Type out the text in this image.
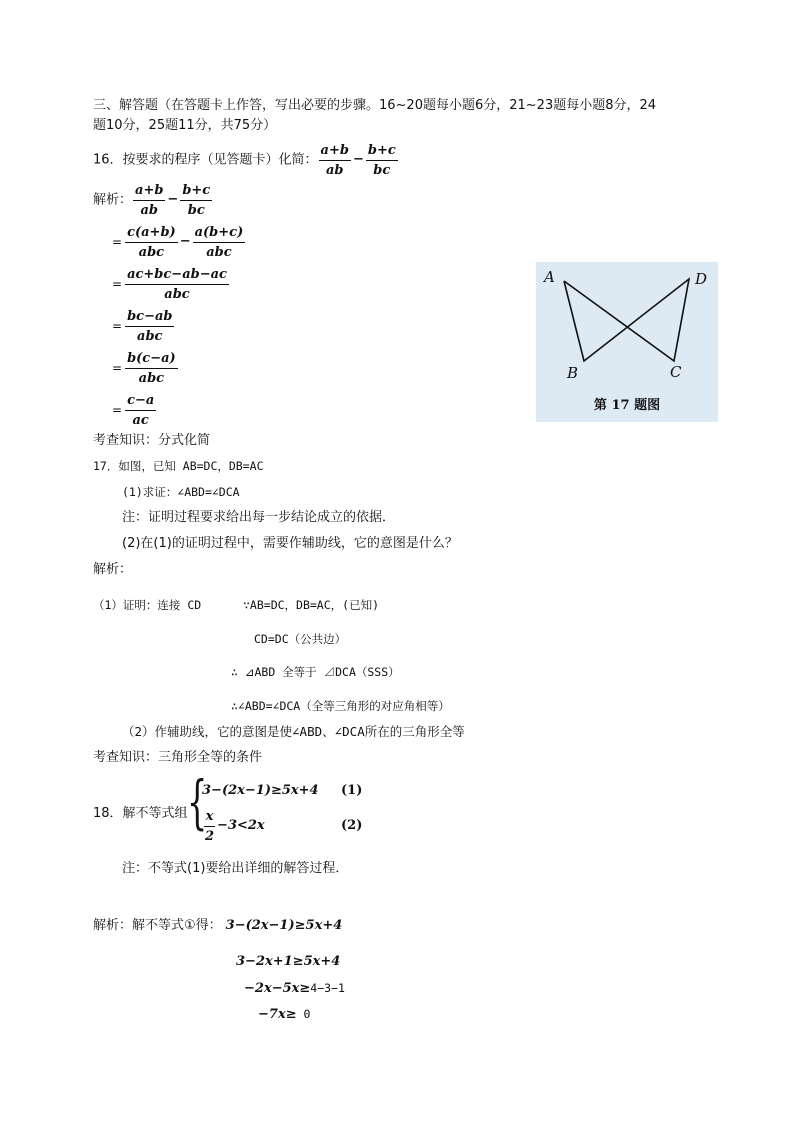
三、解答题（在答题卡上作答，写出必要的步骤。16~20题每小题6分，21~23题每小题8分，24
题10分，25题11分，共75分）
16．按要求的程序（见答题卡）化简： $\frac{a+b}{ab} - \frac{b+c}{bc}$
解析： $\frac{a+b}{ab} - \frac{b+c}{bc}$
= $\frac{c(a+b)}{\text{abc}} - \frac{a(b+c)}{\text{abc}}$
= $\frac{ac+bc-ab-ac}{\text{abc}}$
= $\frac{bc-ab}{\text{abc}}$
= $\frac{b(c-a)}{\text{abc}}$
= $\frac{c-a}{ac}$
考查知识：分式化简
A
B	C
D
第 17 题图
17．如图，已知 AB=DC，DB=AC
(1)求证：∠ABD=∠DCA
注：证明过程要求给出每一步结论成立的依据．
(2)在(1)的证明过程中，需要作辅助线，它的意图是什么？
解析：
（1）证明：连接 CD	∵AB=DC，DB=AC，(已知)
CD=DC（公共边）
∴ ⊿ABD 全等于 ⊿DCA（SSS）
∴∠ABD=∠DCA（全等三角形的对应角相等）
（2）作辅助线，它的意图是使∠ABD、∠DCA所在的三角形全等
考查知识：三角形全等的条件
18．解不等式组 {
3−(2x−1)≥5x+4 (1)
$\frac{x}{2} -3<2x$	(2)
注：不等式(1)要给出详细的解答过程．
解析：解不等式①得： 3−(2x−1)≥5x+4
3−2x+1≥5x+4
−2x−5x≥4−3−1
−7x≥ 0
